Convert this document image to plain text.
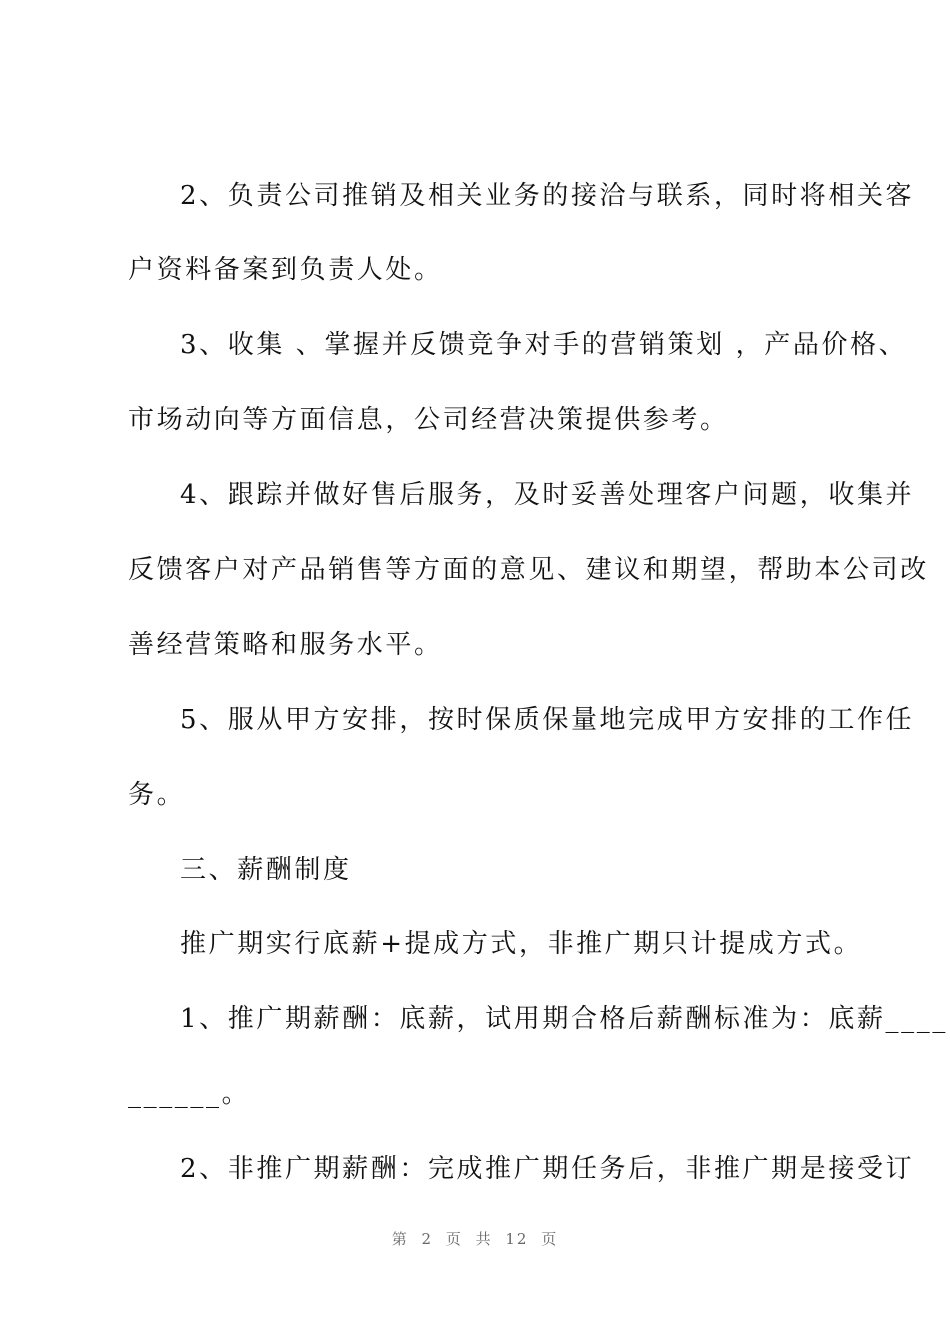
2、负责公司推销及相关业务的接洽与联系，同时将相关客
户资料备案到负责人处。
3、收集 、掌握并反馈竞争对手的营销策划 ，产品价格、
市场动向等方面信息，公司经营决策提供参考。
4、跟踪并做好售后服务，及时妥善处理客户问题，收集并
反馈客户对产品销售等方面的意见、建议和期望，帮助本公司改
善经营策略和服务水平。
5、服从甲方安排，按时保质保量地完成甲方安排的工作任
务。
三、薪酬制度
推广期实行底薪+提成方式，非推广期只计提成方式。
1、推广期薪酬：底薪，试用期合格后薪酬标准为：底薪____
______。
2、非推广期薪酬：完成推广期任务后，非推广期是接受订
第 2 页 共 12 页
